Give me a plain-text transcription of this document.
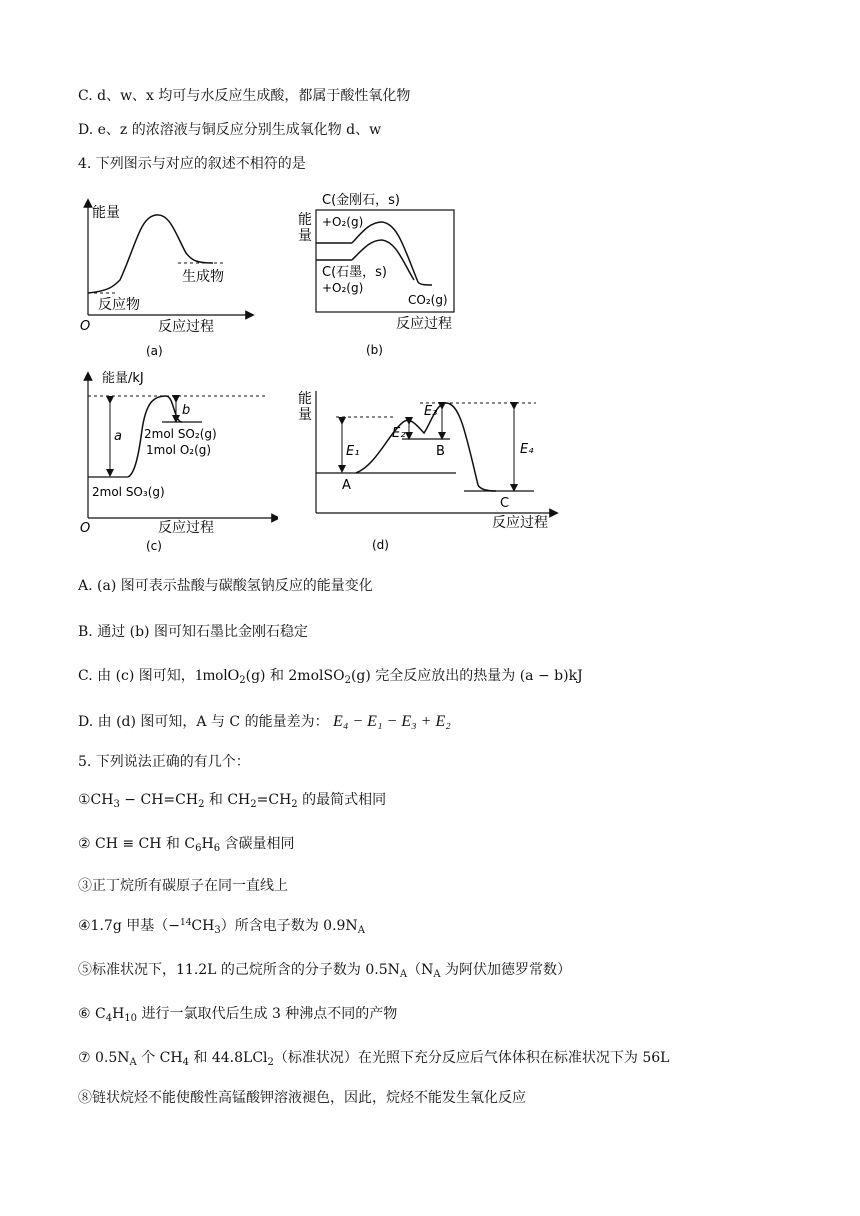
C. d、w、x 均可与水反应生成酸，都属于酸性氧化物
D. e、z 的浓溶液与铜反应分别生成氧化物 d、w
4. 下列图示与对应的叙述不相符的是
能量
O	反应过程
生成物
反应物
(a)
C(金刚石，s)
能
量
+O₂(g)
C(石墨，s)
+O₂(g)
CO₂(g)
反应过程
(b)
能量/kJ
O	反应过程
a
b
2mol SO₂(g)
1mol O₂(g)
2mol SO₃(g)
(c)
能
量
E₁
E₂
E₃
E₄
A
B
C
反应过程
(d)
A. (a) 图可表示盐酸与碳酸氢钠反应的能量变化
B. 通过 (b) 图可知石墨比金刚石稳定
C. 由 (c) 图可知，1molO$_2$(g) 和 2molSO$_2$(g) 完全反应放出的热量为 (a − b)kJ
D. 由 (d) 图可知，A 与 C 的能量差为： E₄ − E₁ − E₃ + E₂
5. 下列说法正确的有几个：
$①CH_3 - CH=CH_2$ 和 $CH_2=CH_2$ 的最简式相同
② CH ≡ CH 和 $C_6H_6$ 含碳量相同
③正丁烷所有碳原子在同一直线上
④1.7g 甲基$(-^{14}CH_3)$所含电子数为 $0.9N_A$
⑤标准状况下，11.2L 的己烷所含的分子数为 $0.5N_A(N_A$ 为阿伏加德罗常数）
⑥ $C_4H_{10}$ 进行一氯取代后生成 3 种沸点不同的产物
⑦ $0.5N_A$ 个 $CH_4$ 和 44.8LCl$_2$（标准状况）在光照下充分反应后气体体积在标准状况下为 56L
⑧链状烷烃不能使酸性高锰酸钾溶液褪色，因此，烷烃不能发生氧化反应
